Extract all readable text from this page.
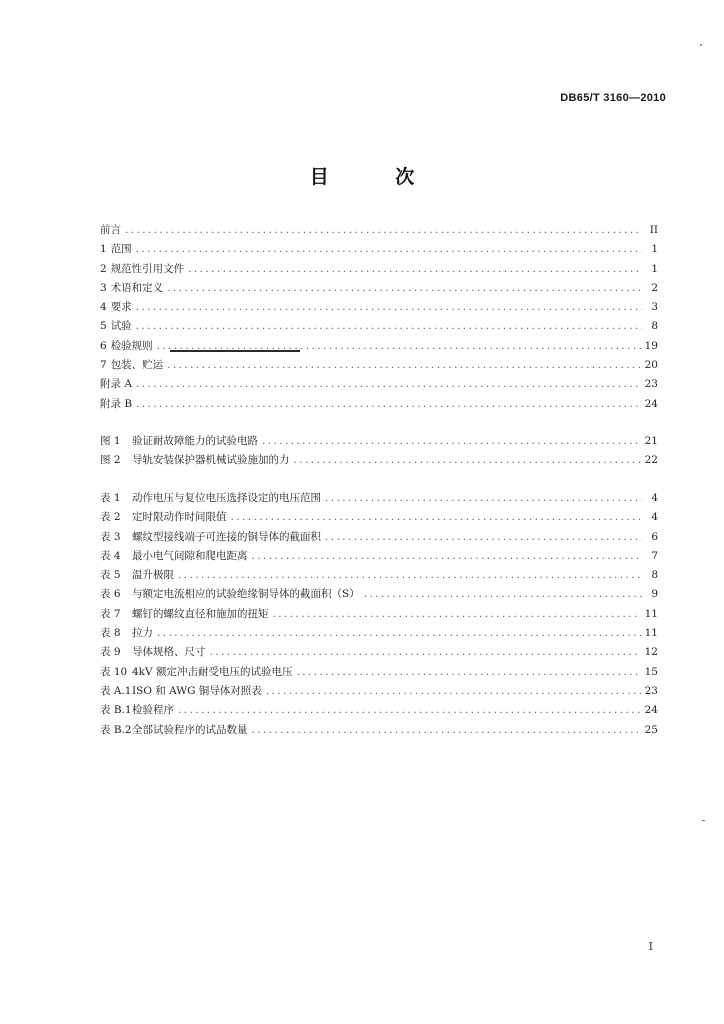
DB65/T 3160—2010
目 次
前言 .....	II
1 范围 .....	1
2 规范性引用文件 .....	1
3 术语和定义 .....	2
4 要求 .....	3
5 试验 .....	8
6 检验规则 .....	19
7 包装、贮运 .....	20
附录 A .....	23
附录 B .....	24
图 1	验证耐故障能力的试验电路 .....	21
图 2	导轨安装保护器机械试验施加的力 .....	22
表 1	动作电压与复位电压选择设定的电压范围 .....	4
表 2	定时限动作时间限值 .....	4
表 3	螺纹型接线端子可连接的铜导体的截面积 .....	6
表 4	最小电气间隙和爬电距离 .....	7
表 5	温升极限 .....	8
表 6	与额定电流相应的试验绝缘铜导体的截面积（S） .....	9
表 7	螺钉的螺纹直径和施加的扭矩 .....	11
表 8	拉力 .....	11
表 9	导体规格、尺寸 .....	12
表 10 4kV 额定冲击耐受电压的试验电压 .....	15
表 A.1 ISO 和 AWG 铜导体对照表 .....	23
表 B.1 检验程序 .....	24
表 B.2 全部试验程序的试品数量 .....	25
I
